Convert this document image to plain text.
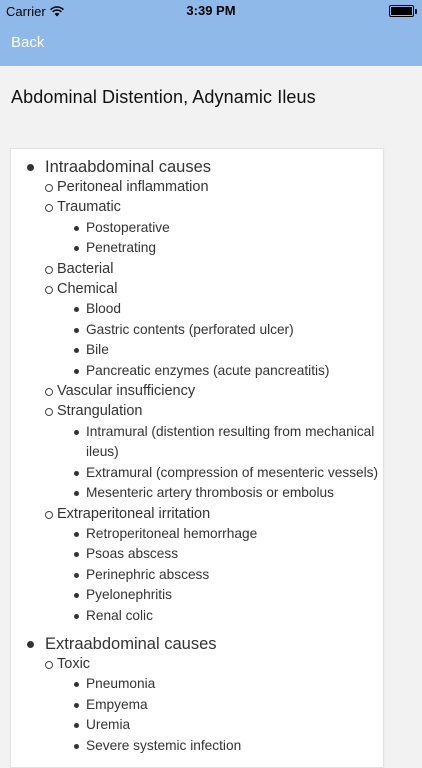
Carrier	3:39 PM
Back
Abdominal Distention, Adynamic Ileus
Intraabdominal causes
Peritoneal inflammation
Traumatic
Postoperative
Penetrating
Bacterial
Chemical
Blood
Gastric contents (perforated ulcer)
Bile
Pancreatic enzymes (acute pancreatitis)
Vascular insufficiency
Strangulation
Intramural (distention resulting from mechanical ileus)
Extramural (compression of mesenteric vessels)
Mesenteric artery thrombosis or embolus
Extraperitoneal irritation
Retroperitoneal hemorrhage
Psoas abscess
Perinephric abscess
Pyelonephritis
Renal colic
Extraabdominal causes
Toxic
Pneumonia
Empyema
Uremia
Severe systemic infection
